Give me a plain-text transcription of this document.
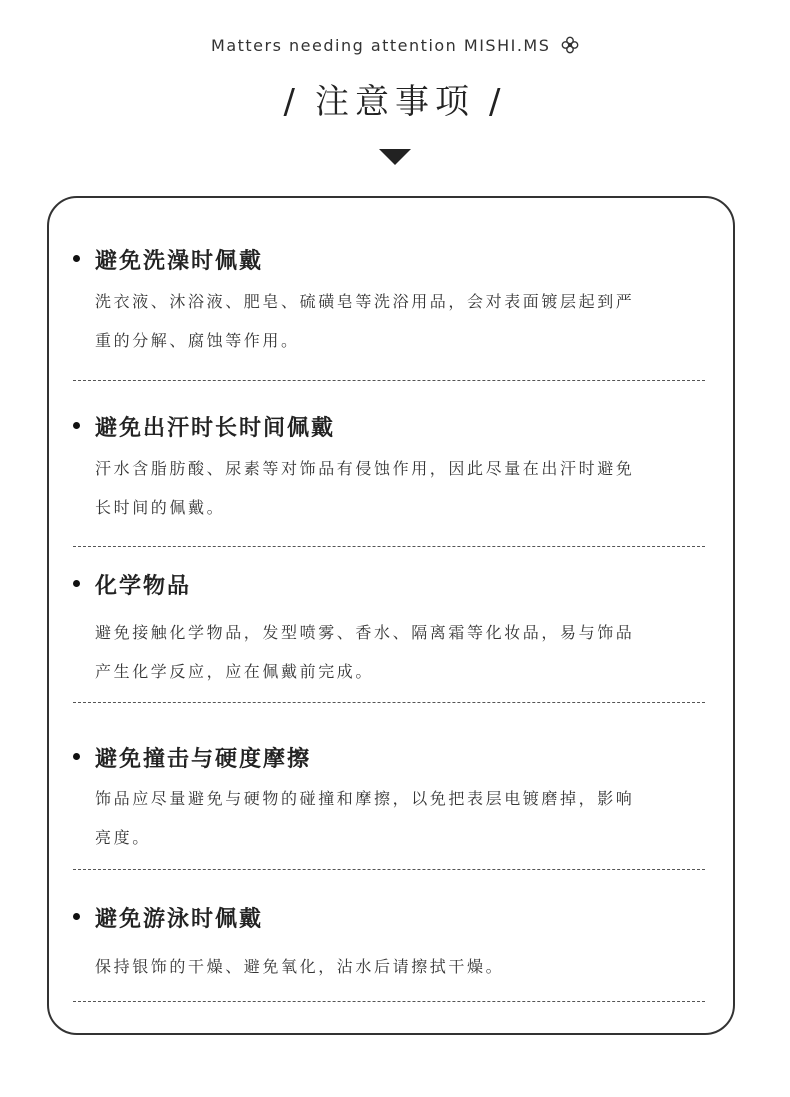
Matters needing attention MISHI.MS
/ 注意事项 /
避免洗澡时佩戴
洗衣液、沐浴液、肥皂、硫磺皂等洗浴用品，会对表面镀层起到严
重的分解、腐蚀等作用。
避免出汗时长时间佩戴
汗水含脂肪酸、尿素等对饰品有侵蚀作用，因此尽量在出汗时避免
长时间的佩戴。
化学物品
避免接触化学物品，发型喷雾、香水、隔离霜等化妆品，易与饰品
产生化学反应，应在佩戴前完成。
避免撞击与硬度摩擦
饰品应尽量避免与硬物的碰撞和摩擦，以免把表层电镀磨掉，影响
亮度。
避免游泳时佩戴
保持银饰的干燥、避免氧化，沾水后请擦拭干燥。
